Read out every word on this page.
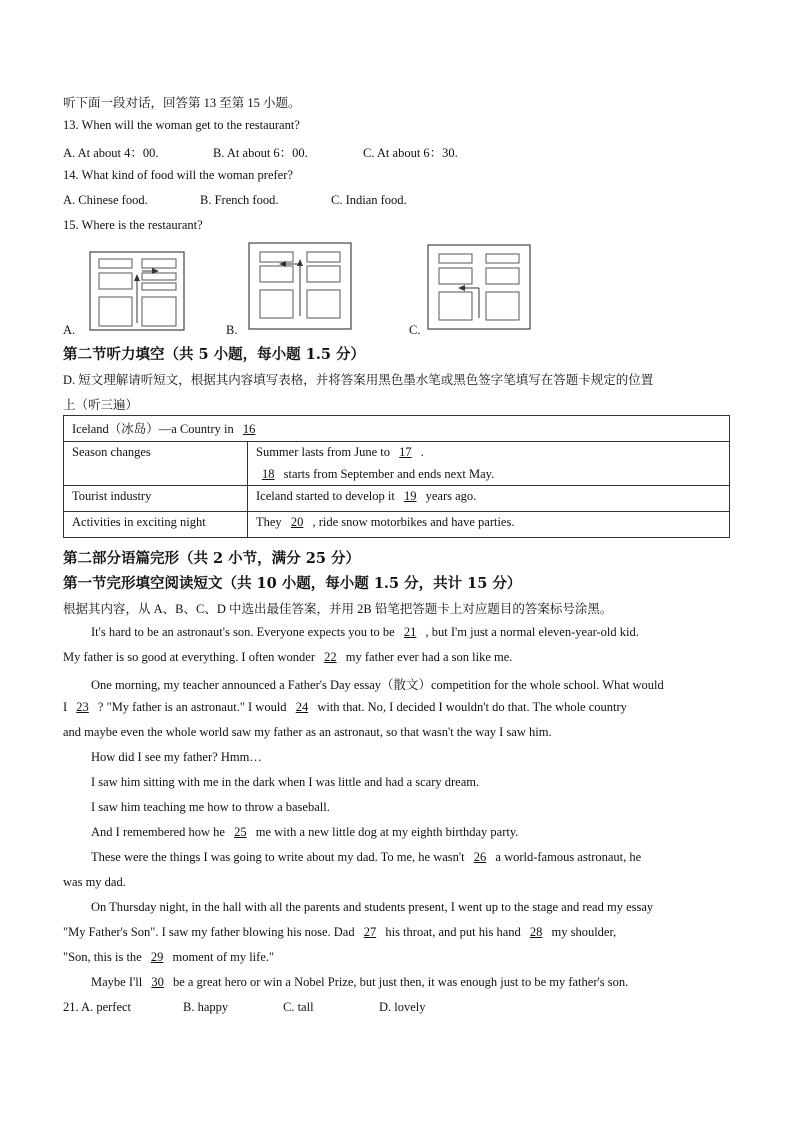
听下面一段对话，回答第 13 至第 15 小题。
13. When will the woman get to the restaurant?
A. At about 4：00.	B. At about 6：00.	C. At about 6：30.
14. What kind of food will the woman prefer?
A. Chinese food.	B. French food.	C. Indian food.
15. Where is the restaurant?
A.	B.	C.
第二节听力填空（共 5 小题，每小题 1.5 分）
D. 短文理解请听短文，根据其内容填写表格，并将答案用黑色墨水笔或黑色签字笔填写在答题卡规定的位置
上（听三遍）
Iceland（冰岛）—a Country in 16	
Season changes	Summer lasts from June to 17 .
18 starts from September and ends next May.

Tourist industry	Iceland started to develop it 19 years ago.
Activities in exciting night	They 20 , ride snow motorbikes and have parties.
第二部分语篇完形（共 2 小节，满分 25 分）
第一节完形填空阅读短文（共 10 小题，每小题 1.5 分，共计 15 分）
根据其内容，从 A、B、C、D 中选出最佳答案，并用 2B 铅笔把答题卡上对应题目的答案标号涂黑。
It's hard to be an astronaut's son. Everyone expects you to be 21 , but I'm just a normal eleven-year-old kid.
My father is so good at everything. I often wonder 22 my father ever had a son like me.
One morning, my teacher announced a Father's Day essay（散文）competition for the whole school. What would
I 23 ? "My father is an astronaut." I would 24 with that. No, I decided I wouldn't do that. The whole country
and maybe even the whole world saw my father as an astronaut, so that wasn't the way I saw him.
How did I see my father? Hmm…
I saw him sitting with me in the dark when I was little and had a scary dream.
I saw him teaching me how to throw a baseball.
And I remembered how he 25 me with a new little dog at my eighth birthday party.
These were the things I was going to write about my dad. To me, he wasn't 26 a world-famous astronaut, he
was my dad.
On Thursday night, in the hall with all the parents and students present, I went up to the stage and read my essay
"My Father's Son". I saw my father blowing his nose. Dad 27 his throat, and put his hand 28 my shoulder,
"Son, this is the 29 moment of my life."
Maybe I'll 30 be a great hero or win a Nobel Prize, but just then, it was enough just to be my father's son.
21. A. perfect	B. happy	C. tall	D. lovely
